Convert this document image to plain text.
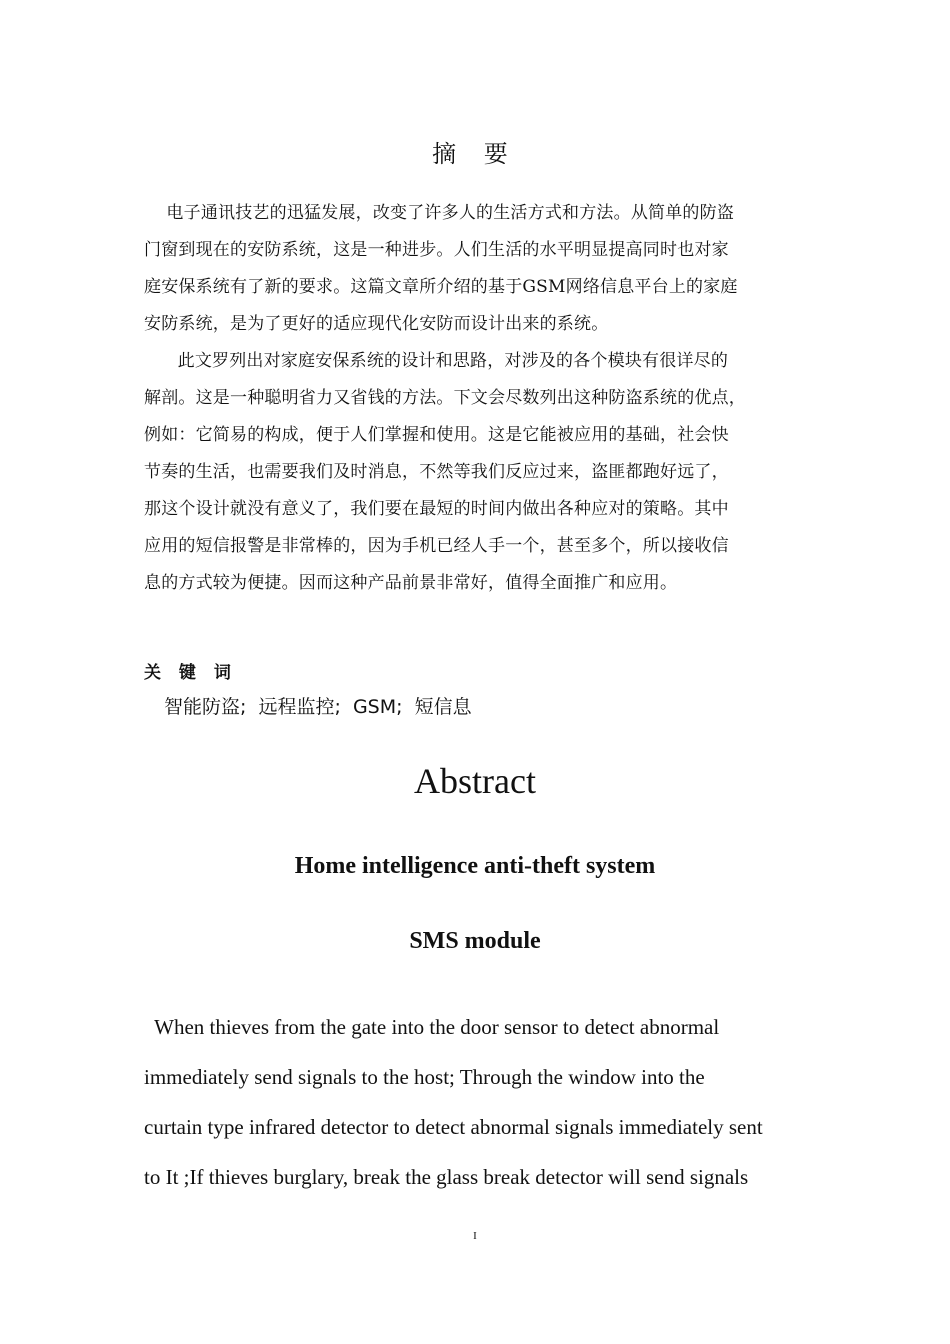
摘 要
电子通讯技艺的迅猛发展，改变了许多人的生活方式和方法。从简单的防盗
门窗到现在的安防系统，这是一种进步。人们生活的水平明显提高同时也对家
庭安保系统有了新的要求。这篇文章所介绍的基于GSM网络信息平台上的家庭
安防系统，是为了更好的适应现代化安防而设计出来的系统。
此文罗列出对家庭安保系统的设计和思路，对涉及的各个模块有很详尽的
解剖。这是一种聪明省力又省钱的方法。下文会尽数列出这种防盗系统的优点，
例如：它简易的构成，便于人们掌握和使用。这是它能被应用的基础，社会快
节奏的生活，也需要我们及时消息，不然等我们反应过来，盗匪都跑好远了，
那这个设计就没有意义了，我们要在最短的时间内做出各种应对的策略。其中
应用的短信报警是非常棒的，因为手机已经人手一个，甚至多个，所以接收信
息的方式较为便捷。因而这种产品前景非常好，值得全面推广和应用。
关 键 词
智能防盗;  远程监控;  GSM;  短信息
Abstract
Home intelligence anti-theft system
SMS module
When thieves from the gate into the door sensor to detect abnormal
immediately send signals to the host; Through the window into the
curtain type infrared detector to detect abnormal signals immediately sent
to It ;If thieves burglary, break the glass break detector will send signals
I
